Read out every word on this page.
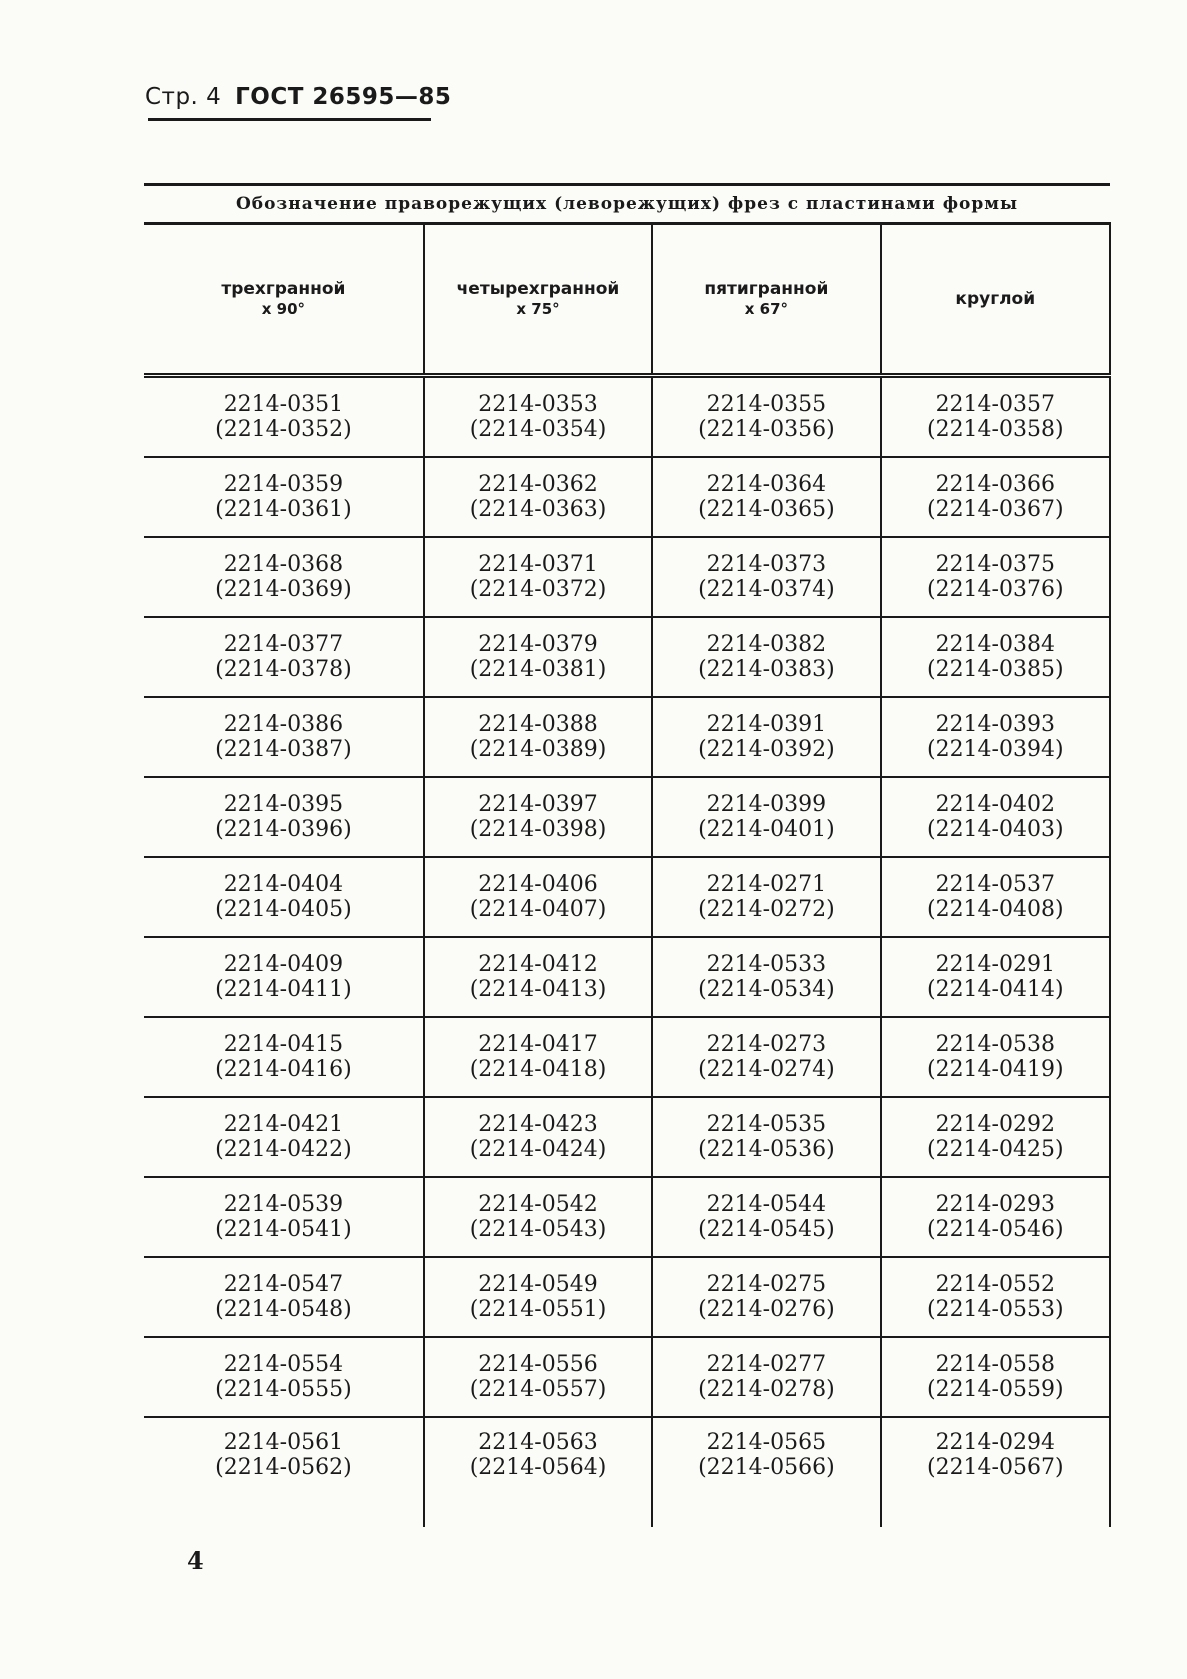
Стр. 4 ГОСТ 26595—85
Обозначение праворежущих (леворежущих) фрез с пластинами формы			
трехгранной
х 90°	четырехгранной
х 75°	пятигранной
х 67°	круглой

2214-0351
(2214-0352)	2214-0353
(2214-0354)	2214-0355
(2214-0356)	2214-0357
(2214-0358)

2214-0359
(2214-0361)	2214-0362
(2214-0363)	2214-0364
(2214-0365)	2214-0366
(2214-0367)

2214-0368
(2214-0369)	2214-0371
(2214-0372)	2214-0373
(2214-0374)	2214-0375
(2214-0376)

2214-0377
(2214-0378)	2214-0379
(2214-0381)	2214-0382
(2214-0383)	2214-0384
(2214-0385)

2214-0386
(2214-0387)	2214-0388
(2214-0389)	2214-0391
(2214-0392)	2214-0393
(2214-0394)

2214-0395
(2214-0396)	2214-0397
(2214-0398)	2214-0399
(2214-0401)	2214-0402
(2214-0403)

2214-0404
(2214-0405)	2214-0406
(2214-0407)	2214-0271
(2214-0272)	2214-0537
(2214-0408)

2214-0409
(2214-0411)	2214-0412
(2214-0413)	2214-0533
(2214-0534)	2214-0291
(2214-0414)

2214-0415
(2214-0416)	2214-0417
(2214-0418)	2214-0273
(2214-0274)	2214-0538
(2214-0419)

2214-0421
(2214-0422)	2214-0423
(2214-0424)	2214-0535
(2214-0536)	2214-0292
(2214-0425)

2214-0539
(2214-0541)	2214-0542
(2214-0543)	2214-0544
(2214-0545)	2214-0293
(2214-0546)

2214-0547
(2214-0548)	2214-0549
(2214-0551)	2214-0275
(2214-0276)	2214-0552
(2214-0553)

2214-0554
(2214-0555)	2214-0556
(2214-0557)	2214-0277
(2214-0278)	2214-0558
(2214-0559)

2214-0561
(2214-0562)	2214-0563
(2214-0564)	2214-0565
(2214-0566)	2214-0294
(2214-0567)
4
